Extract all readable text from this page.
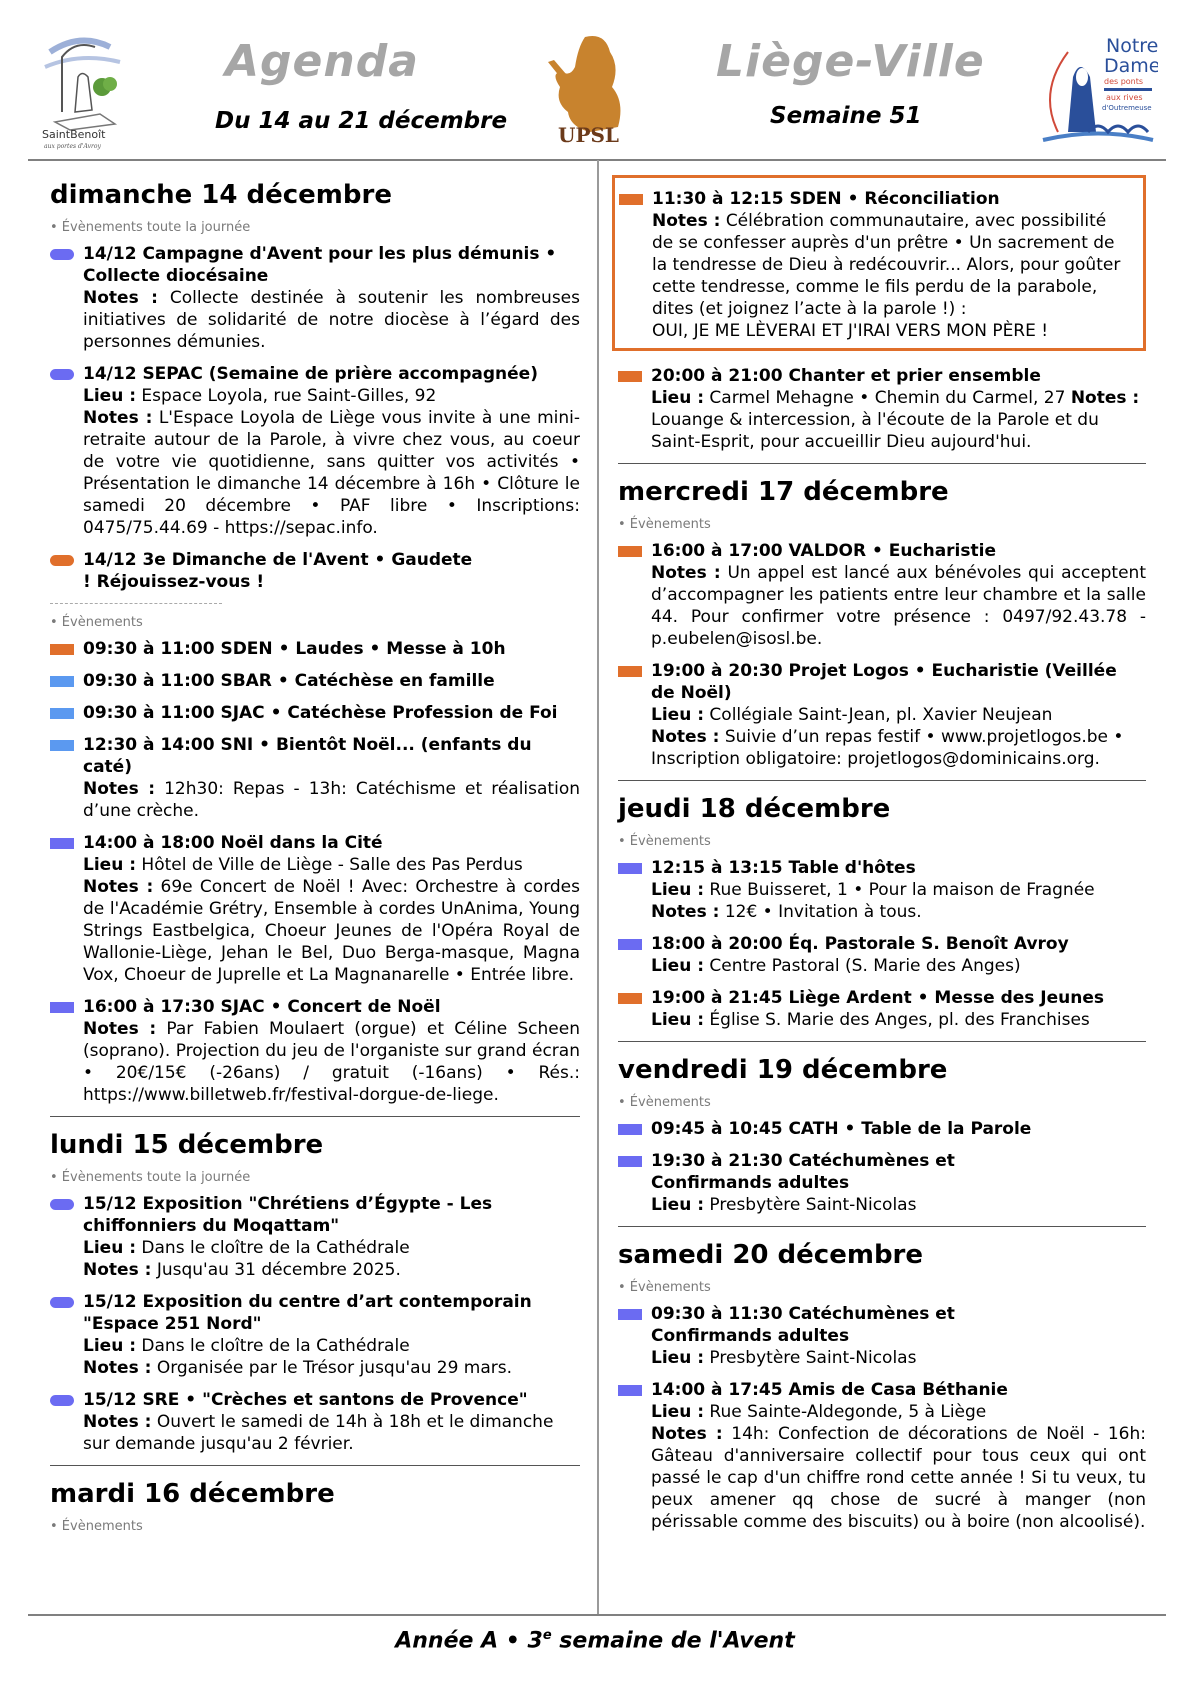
SaintBenoît
aux portes d'Avroy
Agenda
Du 14 au 21 décembre
UPSL
Liège-Ville
Semaine 51
Notre
Dame
des ponts
aux rives
d'Outremeuse
dimanche 14 décembre
• Évènements toute la journée
14/12 Campagne d'Avent pour les plus démunis • Collecte diocésaine
Notes : Collecte destinée à soutenir les nombreuses initiatives de solidarité de notre diocèse à l’égard des personnes démunies.
14/12 SEPAC (Semaine de prière accompagnée)
Lieu : Espace Loyola, rue Saint-Gilles, 92
Notes : L'Espace Loyola de Liège vous invite à une mini-retraite autour de la Parole, à vivre chez vous, au coeur de votre vie quotidienne, sans quitter vos activités • Présentation le dimanche 14 décembre à 16h • Clôture le samedi 20 décembre • PAF libre • Inscriptions: 0475/75.44.69 - https://sepac.info.
14/12 3e Dimanche de l'Avent • Gaudete ! Réjouissez-vous !
• Évènements
09:30 à 11:00 SDEN • Laudes • Messe à 10h
09:30 à 11:00 SBAR • Catéchèse en famille
09:30 à 11:00 SJAC • Catéchèse Profession de Foi
12:30 à 14:00 SNI • Bientôt Noël... (enfants du caté)
Notes : 12h30: Repas - 13h: Catéchisme et réalisation d’une crèche.
14:00 à 18:00 Noël dans la Cité
Lieu : Hôtel de Ville de Liège - Salle des Pas Perdus
Notes : 69e Concert de Noël ! Avec: Orchestre à cordes de l'Académie Grétry, Ensemble à cordes UnAnima, Young Strings Eastbelgica, Choeur Jeunes de l'Opéra Royal de Wallonie-Liège, Jehan le Bel, Duo Berga-masque, Magna Vox, Choeur de Juprelle et La Magnanarelle • Entrée libre.
16:00 à 17:30 SJAC • Concert de Noël
Notes : Par Fabien Moulaert (orgue) et Céline Scheen (soprano). Projection du jeu de l'organiste sur grand écran • 20€/15€ (-26ans) / gratuit (-16ans) • Rés.: https://www.billetweb.fr/festival-dorgue-de-liege.
lundi 15 décembre
• Évènements toute la journée
15/12 Exposition "Chrétiens d’Égypte - Les chiffonniers du Moqattam"
Lieu : Dans le cloître de la Cathédrale
Notes : Jusqu'au 31 décembre 2025.
15/12 Exposition du centre d’art contemporain "Espace 251 Nord"
Lieu : Dans le cloître de la Cathédrale
Notes : Organisée par le Trésor jusqu'au 29 mars.
15/12 SRE • "Crèches et santons de Provence"
Notes : Ouvert le samedi de 14h à 18h et le dimanche sur demande jusqu'au 2 février.
mardi 16 décembre
• Évènements
11:30 à 12:15 SDEN • Réconciliation
Notes : Célébration communautaire, avec possibilité de se confesser auprès d'un prêtre • Un sacrement de la tendresse de Dieu à redécouvrir... Alors, pour goûter cette tendresse, comme le fils perdu de la parabole, dites (et joignez l’acte à la parole !) :
OUI, JE ME LÈVERAI ET J'IRAI VERS MON PÈRE !
20:00 à 21:00 Chanter et prier ensemble
Lieu : Carmel Mehagne • Chemin du Carmel, 27 Notes : Louange & intercession, à l'écoute de la Parole et du Saint-Esprit, pour accueillir Dieu aujourd'hui.
mercredi 17 décembre
• Évènements
16:00 à 17:00 VALDOR • Eucharistie
Notes : Un appel est lancé aux bénévoles qui acceptent d’accompagner les patients entre leur chambre et la salle 44. Pour confirmer votre présence : 0497/92.43.78 - p.eubelen@isosl.be.
19:00 à 20:30 Projet Logos • Eucharistie (Veillée de Noël)
Lieu : Collégiale Saint-Jean, pl. Xavier Neujean
Notes : Suivie d’un repas festif • www.projetlogos.be • Inscription obligatoire: projetlogos@dominicains.org.
jeudi 18 décembre
• Évènements
12:15 à 13:15 Table d'hôtes
Lieu : Rue Buisseret, 1 • Pour la maison de Fragnée
Notes : 12€ • Invitation à tous.
18:00 à 20:00 Éq. Pastorale S. Benoît Avroy
Lieu : Centre Pastoral (S. Marie des Anges)
19:00 à 21:45 Liège Ardent • Messe des Jeunes
Lieu : Église S. Marie des Anges, pl. des Franchises
vendredi 19 décembre
• Évènements
09:45 à 10:45 CATH • Table de la Parole
19:30 à 21:30 Catéchumènes et Confirmands adultes
Lieu : Presbytère Saint-Nicolas
samedi 20 décembre
• Évènements
09:30 à 11:30 Catéchumènes et Confirmands adultes
Lieu : Presbytère Saint-Nicolas
14:00 à 17:45 Amis de Casa Béthanie
Lieu : Rue Sainte-Aldegonde, 5 à Liège
Notes : 14h: Confection de décorations de Noël - 16h: Gâteau d'anniversaire collectif pour tous ceux qui ont passé le cap d'un chiffre rond cette année ! Si tu veux, tu peux amener qq chose de sucré à manger (non périssable comme des biscuits) ou à boire (non alcoolisé).
Année A • 3e semaine de l'Avent
